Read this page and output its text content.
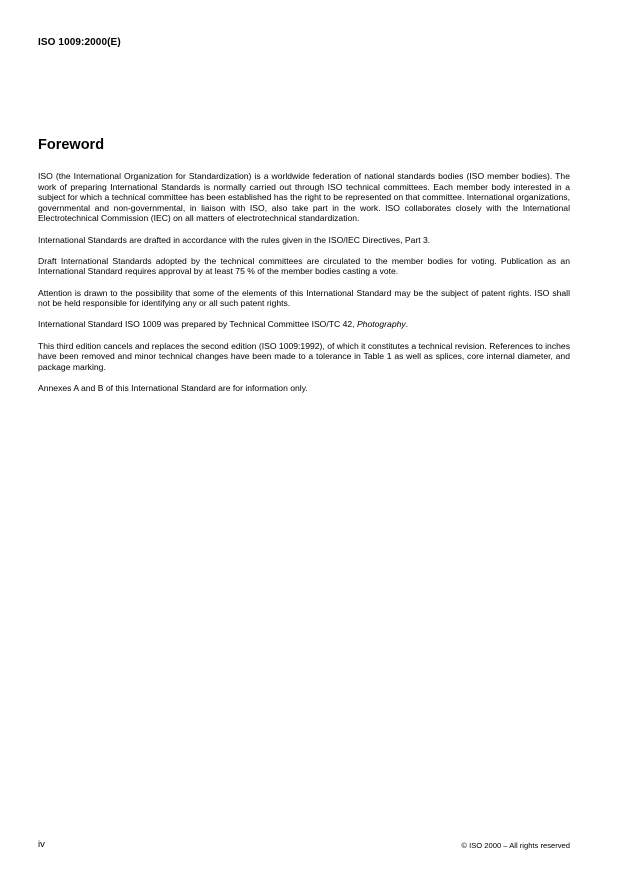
ISO 1009:2000(E)
Foreword

ISO (the International Organization for Standardization) is a worldwide federation of national standards bodies (ISO member bodies). The work of preparing International Standards is normally carried out through ISO technical committees. Each member body interested in a subject for which a technical committee has been established has the right to be represented on that committee. International organizations, governmental and non-governmental, in liaison with ISO, also take part in the work. ISO collaborates closely with the International Electrotechnical Commission (IEC) on all matters of electrotechnical standardization.

International Standards are drafted in accordance with the rules given in the ISO/IEC Directives, Part 3.

Draft International Standards adopted by the technical committees are circulated to the member bodies for voting. Publication as an International Standard requires approval by at least 75 % of the member bodies casting a vote.

Attention is drawn to the possibility that some of the elements of this International Standard may be the subject of patent rights. ISO shall not be held responsible for identifying any or all such patent rights.

International Standard ISO 1009 was prepared by Technical Committee ISO/TC 42, Photography.

This third edition cancels and replaces the second edition (ISO 1009:1992), of which it constitutes a technical revision. References to inches have been removed and minor technical changes have been made to a tolerance in Table 1 as well as splices, core internal diameter, and package marking.

Annexes A and B of this International Standard are for information only.

iv	© ISO 2000 – All rights reserved
